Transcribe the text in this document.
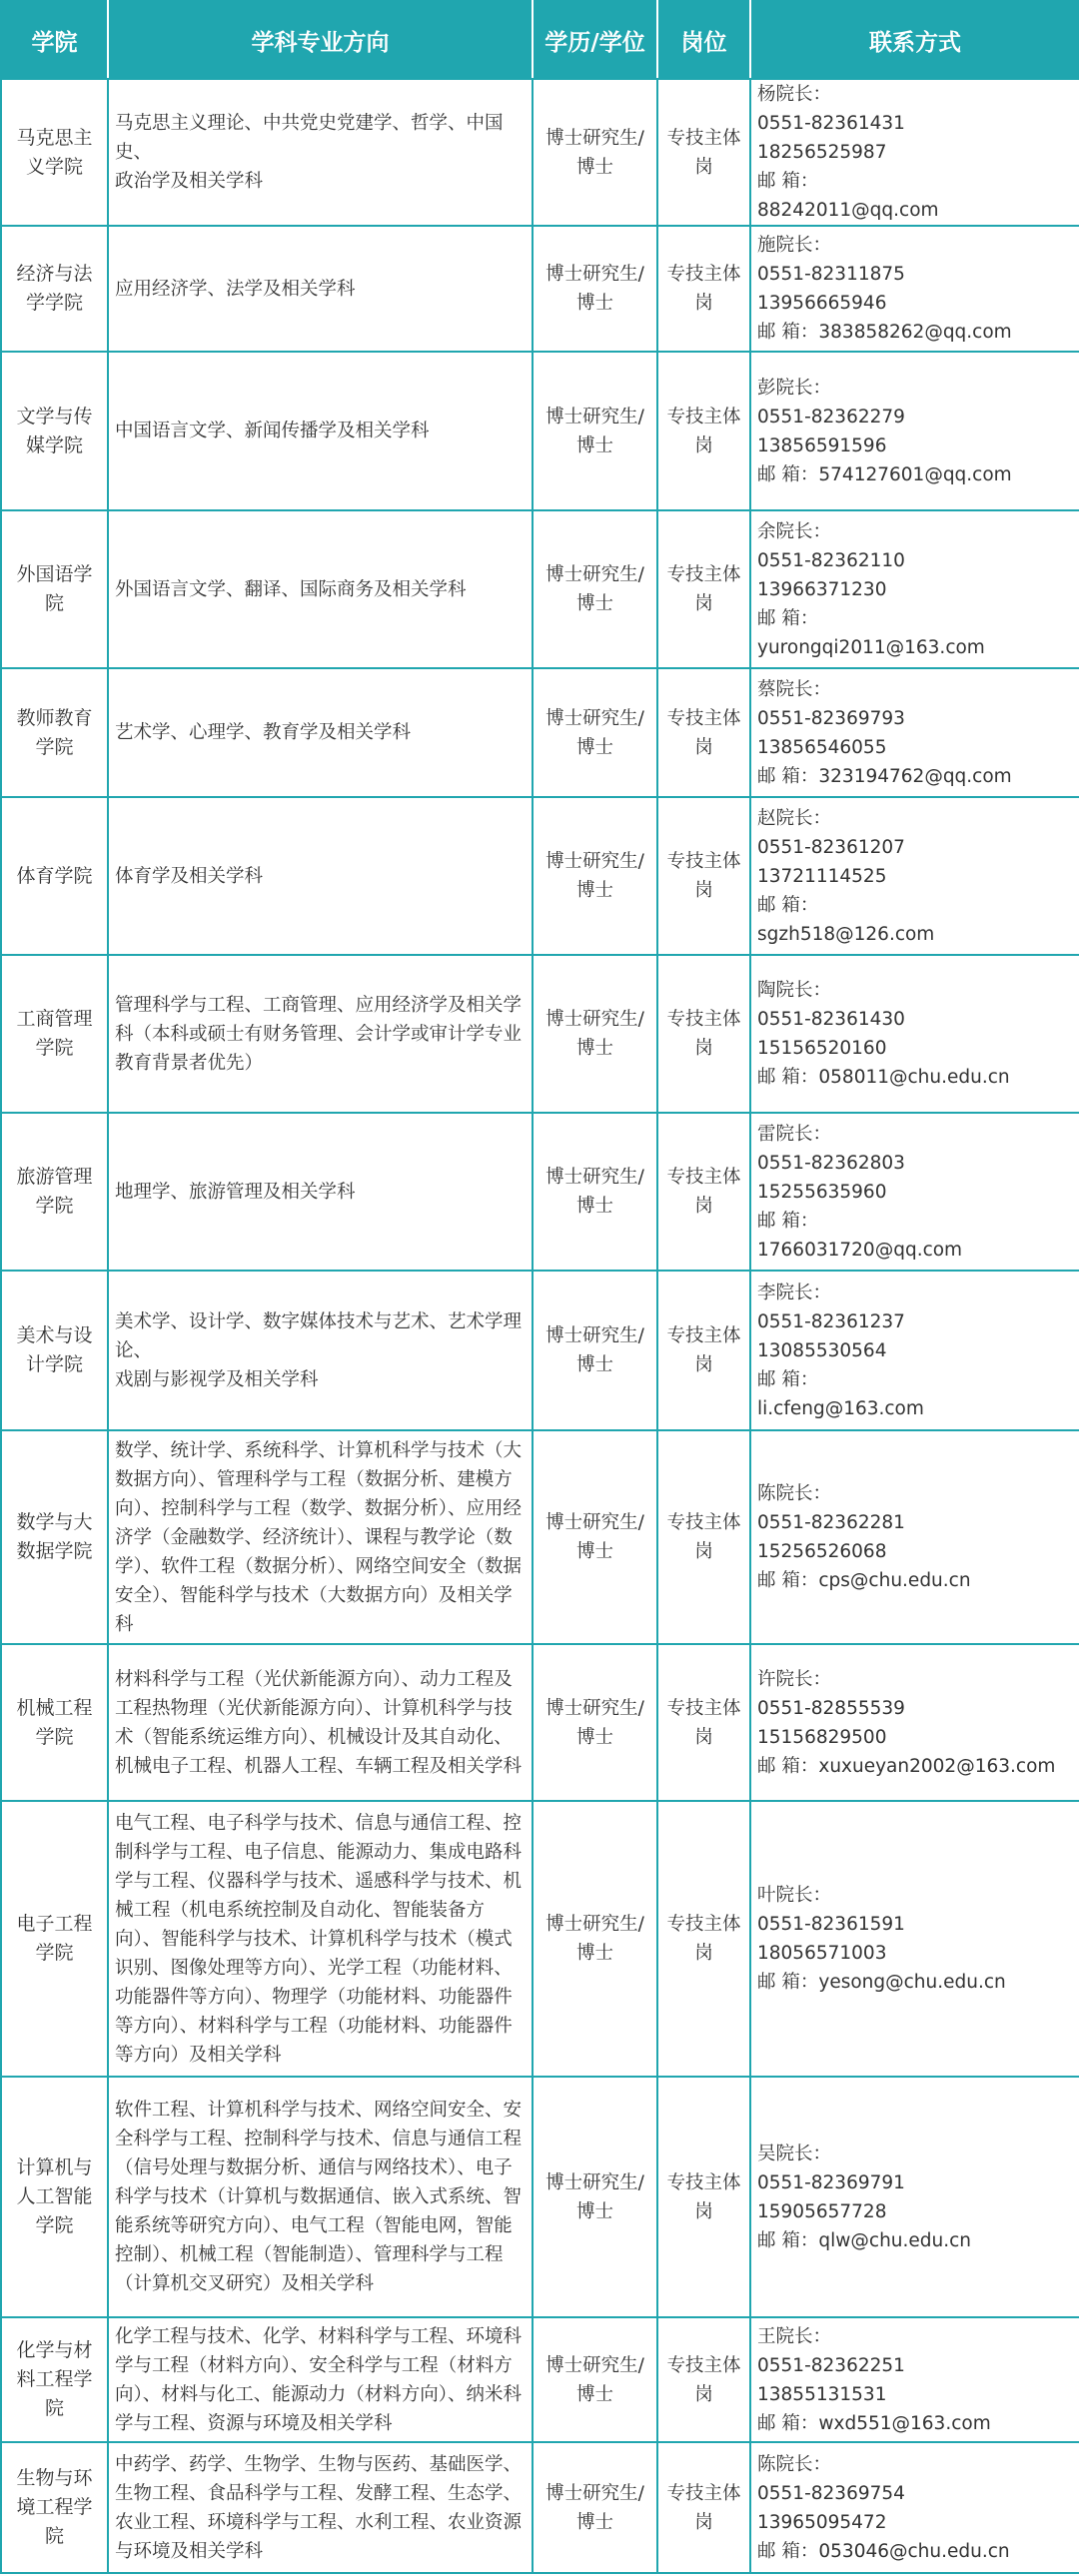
学院	学科专业方向	学历/学位	岗位	联系方式
马克思主义学院	马克思主义理论、中共党史党建学、哲学、中国史、
政治学及相关学科	博士研究生/博士	专技主体岗	杨院长：
0551-82361431
18256525987
邮 箱：
88242011@qq.com

经济与法学学院	应用经济学、法学及相关学科	博士研究生/博士	专技主体岗	施院长：
0551-82311875
13956665946
邮 箱：383858262@qq.com

文学与传媒学院	中国语言文学、新闻传播学及相关学科	博士研究生/博士	专技主体岗	彭院长：
0551-82362279
13856591596
邮 箱：574127601@qq.com

外国语学院	外国语言文学、翻译、国际商务及相关学科	博士研究生/博士	专技主体岗	余院长：
0551-82362110
13966371230
邮 箱：
yurongqi2011@163.com

教师教育学院	艺术学、心理学、教育学及相关学科	博士研究生/博士	专技主体岗	蔡院长：
0551-82369793
13856546055
邮 箱：323194762@qq.com

体育学院	体育学及相关学科	博士研究生/博士	专技主体岗	赵院长：
0551-82361207
13721114525
邮 箱：
sgzh518@126.com

工商管理学院	管理科学与工程、工商管理、应用经济学及相关学科（本科或硕士有财务管理、会计学或审计学专业教育背景者优先）	博士研究生/博士	专技主体岗	陶院长：
0551-82361430
15156520160
邮 箱：058011@chu.edu.cn

旅游管理学院	地理学、旅游管理及相关学科	博士研究生/博士	专技主体岗	雷院长：
0551-82362803
15255635960
邮 箱：
1766031720@qq.com

美术与设计学院	美术学、设计学、数字媒体技术与艺术、艺术学理论、
戏剧与影视学及相关学科	博士研究生/博士	专技主体岗	李院长：
0551-82361237
13085530564
邮 箱：
li.cfeng@163.com

数学与大数据学院	数学、统计学、系统科学、计算机科学与技术（大数据方向）、管理科学与工程（数据分析、建模方向）、控制科学与工程（数学、数据分析）、应用经济学（金融数学、经济统计）、课程与教学论（数学）、软件工程（数据分析）、网络空间安全（数据安全）、智能科学与技术（大数据方向）及相关学科	博士研究生/博士	专技主体岗	陈院长：
0551-82362281
15256526068
邮 箱：cps@chu.edu.cn

机械工程学院	材料科学与工程（光伏新能源方向）、动力工程及工程热物理（光伏新能源方向）、计算机科学与技术（智能系统运维方向）、机械设计及其自动化、机械电子工程、机器人工程、车辆工程及相关学科	博士研究生/博士	专技主体岗	许院长：
0551-82855539
15156829500
邮 箱：xuxueyan2002@163.com

电子工程学院	电气工程、电子科学与技术、信息与通信工程、控制科学与工程、电子信息、能源动力、集成电路科学与工程、仪器科学与技术、遥感科学与技术、机械工程（机电系统控制及自动化、智能装备方向）、智能科学与技术、计算机科学与技术（模式识别、图像处理等方向）、光学工程（功能材料、功能器件等方向）、物理学（功能材料、功能器件等方向）、材料科学与工程（功能材料、功能器件等方向）及相关学科	博士研究生/博士	专技主体岗	叶院长：
0551-82361591
18056571003
邮 箱：yesong@chu.edu.cn

计算机与人工智能学院	软件工程、计算机科学与技术、网络空间安全、安全科学与工程、控制科学与技术、信息与通信工程（信号处理与数据分析、通信与网络技术）、电子科学与技术（计算机与数据通信、嵌入式系统、智能系统等研究方向）、电气工程（智能电网，智能控制）、机械工程（智能制造）、管理科学与工程（计算机交叉研究）及相关学科	博士研究生/博士	专技主体岗	吴院长：
0551-82369791
15905657728
邮 箱：qlw@chu.edu.cn

化学与材料工程学院	化学工程与技术、化学、材料科学与工程、环境科学与工程（材料方向）、安全科学与工程（材料方向）、材料与化工、能源动力（材料方向）、纳米科学与工程、资源与环境及相关学科	博士研究生/博士	专技主体岗	王院长：
0551-82362251
13855131531
邮 箱：wxd551@163.com

生物与环境工程学院	中药学、药学、生物学、生物与医药、基础医学、生物工程、食品科学与工程、发酵工程、生态学、农业工程、环境科学与工程、水利工程、农业资源与环境及相关学科	博士研究生/博士	专技主体岗	陈院长：
0551-82369754
13965095472
邮 箱：053046@chu.edu.cn
